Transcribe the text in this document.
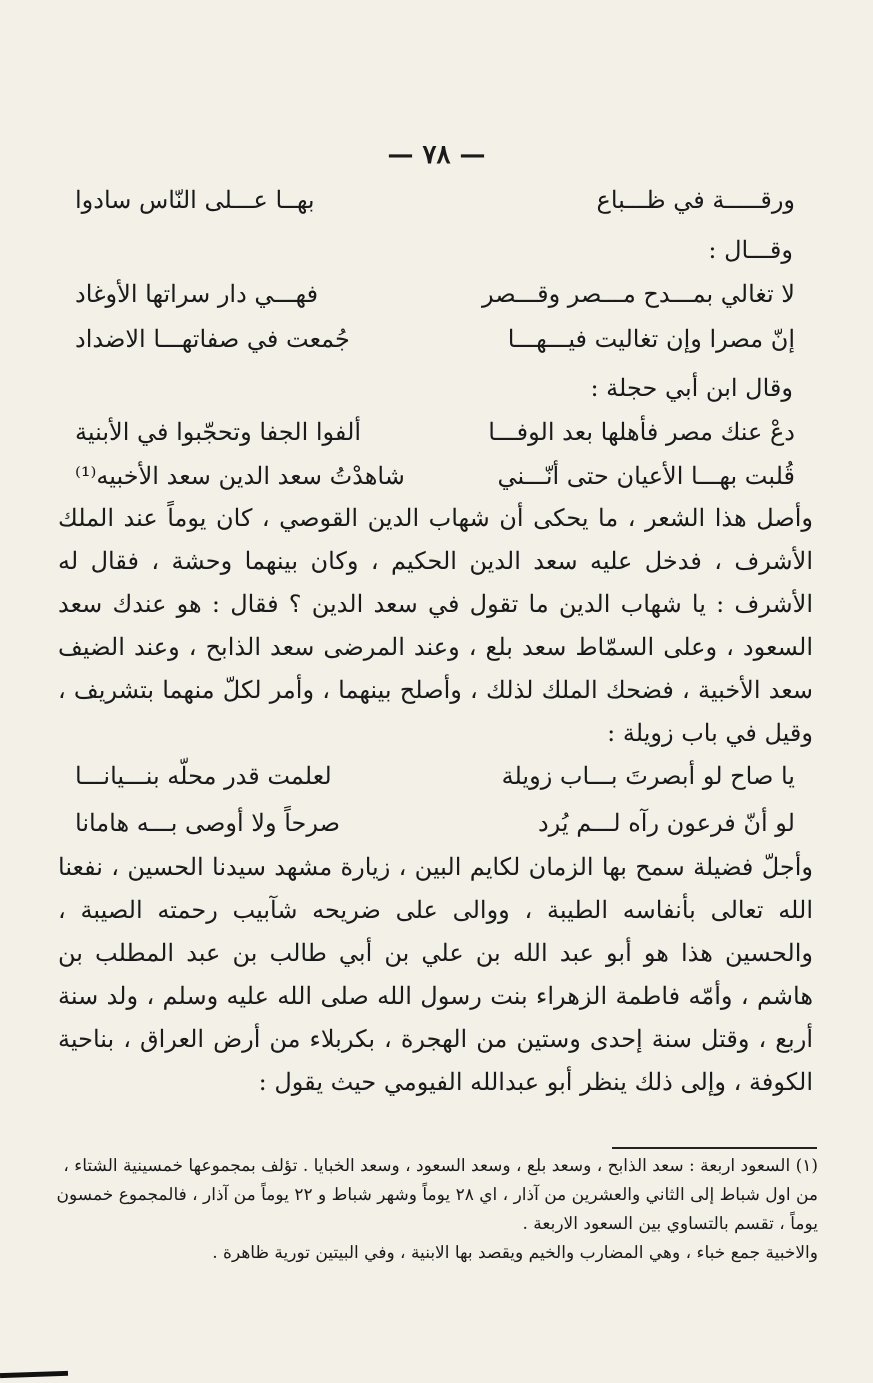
— ٧٨ —
ورقـــــة في ظـــباع
بهــا عـــلى النّاس سادوا
وقـــال :
لا تغالي بمـــدح مـــصر وقـــصر
فهـــي دار سراتها الأوغاد
إنّ مصرا وإن تغاليت فيـــهـــا
جُمعت في صفاتهـــا الاضداد
وقال ابن أبي حجلة :
دعْ عنك مصر فأهلها بعد الوفـــا
ألفوا الجفا وتحجّبوا في الأبنية
قُلبت بهـــا الأعيان حتى أنّـــني
شاهدْتُ سعد الدين سعد الأخبيه⁽¹⁾

وأصل هذا الشعر ، ما يحكى أن شهاب الدين القوصي ، كان يوماً عند الملك الأشرف ، فدخل عليه سعد الدين الحكيم ، وكان بينهما وحشة ، فقال له الأشرف : يا شهاب الدين ما تقول في سعد الدين ؟ فقال : هو عندك سعد السعود ، وعلى السمّاط سعد بلع ، وعند المرضى سعد الذابح ، وعند الضيف سعد الأخبية ، فضحك الملك لذلك ، وأصلح بينهما ، وأمر لكلّ منهما بتشريف ، وقيل في باب زويلة :

يا صاح لو أبصرتَ بـــاب زويلة
لعلمت قدر محلّه بنـــيانـــا
لو أنّ فرعون رآه لـــم يُرد
صرحاً ولا أوصى بـــه هامانا

وأجلّ فضيلة سمح بها الزمان لكايم البين ، زيارة مشهد سيدنا الحسين ، نفعنا الله تعالى بأنفاسه الطيبة ، ووالى على ضريحه شآبيب رحمته الصيبة ، والحسين هذا هو أبو عبد الله بن علي بن أبي طالب بن عبد المطلب بن هاشم ، وأمّه فاطمة الزهراء بنت رسول الله صلى الله عليه وسلم ، ولد سنة أربع ، وقتل سنة إحدى وستين من الهجرة ، بكربلاء من أرض العراق ، بناحية الكوفة ، وإلى ذلك ينظر أبو عبدالله الفيومي حيث يقول :

(١) السعود اربعة : سعد الذابح ، وسعد بلع ، وسعد السعود ، وسعد الخبايا . تؤلف بمجموعها خمسينية الشتاء ، من اول شباط إلى الثاني والعشرين من آذار ، اي ٢٨ يوماً وشهر شباط و ٢٢ يوماً من آذار ، فالمجموع خمسون يوماً ، تقسم بالتساوي بين السعود الاربعة .

والاخبية جمع خباء ، وهي المضارب والخيم ويقصد بها الابنية ، وفي البيتين تورية ظاهرة .
